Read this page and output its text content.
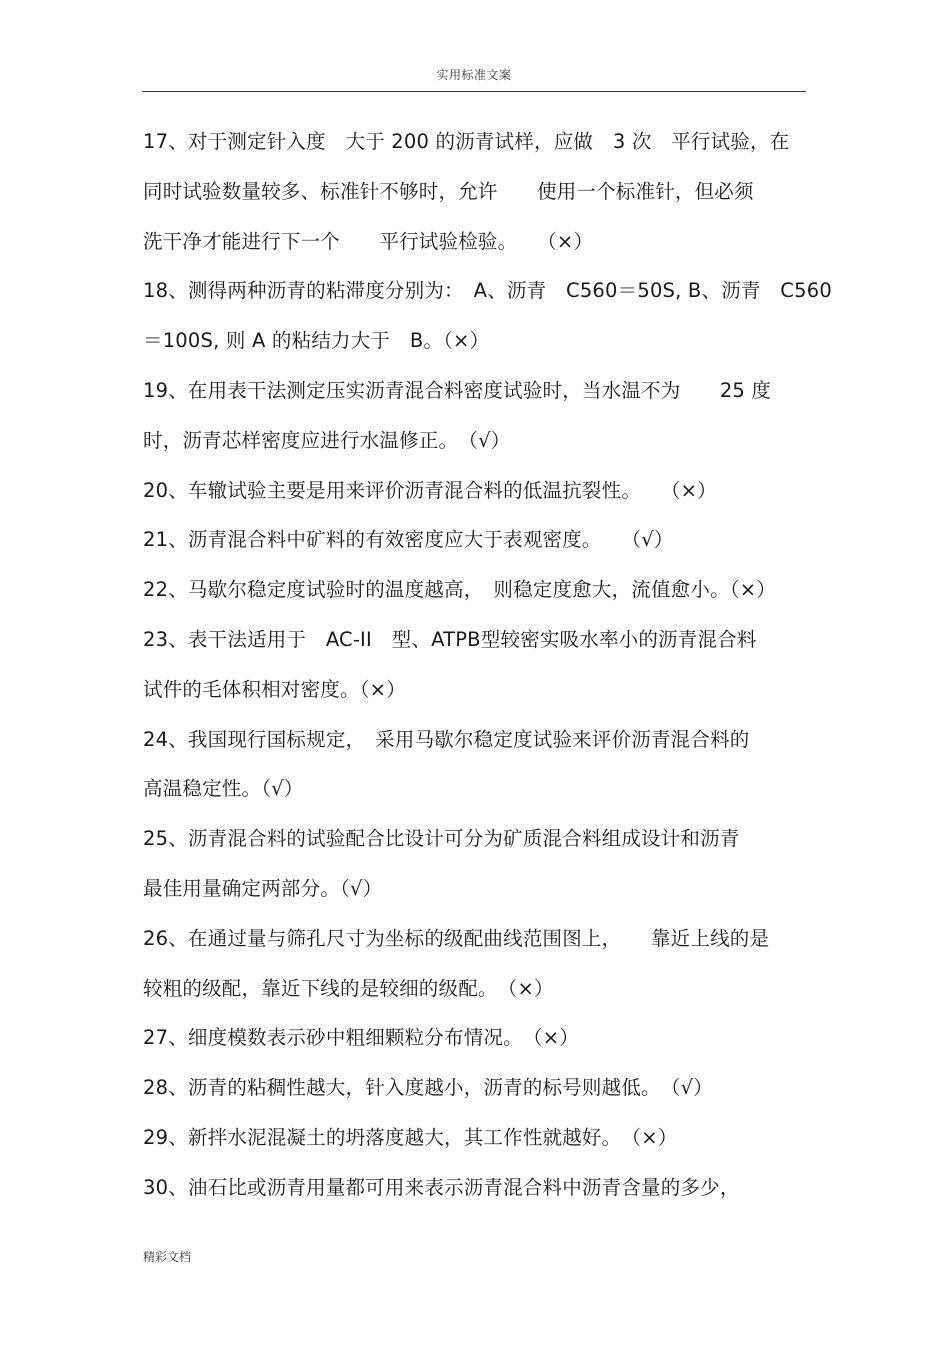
实用标准文案
17、对于测定针入度　大于 200 的沥青试样，应做　3 次　平行试验，在
同时试验数量较多、标准针不够时，允许　　使用一个标准针，但必须
洗干净才能进行下一个　　平行试验检验。　　（×）
18、测得两种沥青的粘滞度分别为：　A、沥青　C560＝50S, B、沥青　C560
＝100S, 则 A 的粘结力大于　B。（×）
19、在用表干法测定压实沥青混合料密度试验时，当水温不为　　25 度
时，沥青芯样密度应进行水温修正。　（√）
20、车辙试验主要是用来评价沥青混合料的低温抗裂性。　　（×）
21、沥青混合料中矿料的有效密度应大于表观密度。　　（√）
22、马歇尔稳定度试验时的温度越高，　则稳定度愈大，流值愈小。（×）
23、表干法适用于　AC-II　型、ATPB型较密实吸水率小的沥青混合料
试件的毛体积相对密度。（×）
24、我国现行国标规定，　采用马歇尔稳定度试验来评价沥青混合料的
高温稳定性。（√）
25、沥青混合料的试验配合比设计可分为矿质混合料组成设计和沥青
最佳用量确定两部分。（√）
26、在通过量与筛孔尺寸为坐标的级配曲线范围图上，　　靠近上线的是
较粗的级配，靠近下线的是较细的级配。　（×）
27、细度模数表示砂中粗细颗粒分布情况。　（×）
28、沥青的粘稠性越大，针入度越小，沥青的标号则越低。　（√）
29、新拌水泥混凝土的坍落度越大，其工作性就越好。　（×）
30、油石比或沥青用量都可用来表示沥青混合料中沥青含量的多少，
精彩文档
